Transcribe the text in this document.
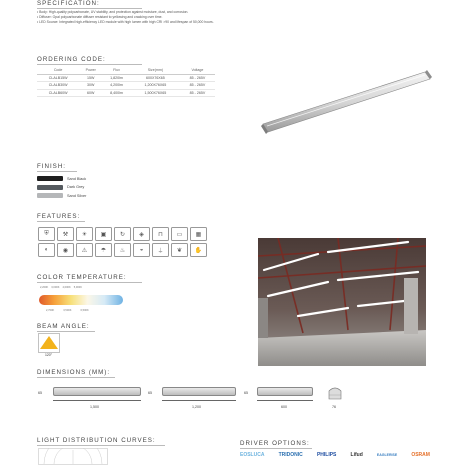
SPECIFICATION:
• Body: High-quality polycarbonate, UV stability, and protection against moisture, dust, and corrosion.
• Diffuser: Opal polycarbonate diffuser resistant to yellowing and cracking over time.
• LED Source: Integrated high-efficiency LED module with high lumen with high CRI >90 and lifespan of 50,000 hours.
ORDERING CODE:
Code	Power	Flux	Size(mm)	Voltage
CLALB15W	15W	1,820lm	600X76X65	85 - 265V
CLALB30W	30W	4,200lm	1,200X76X65	85 - 265V
CLALB60W	60W	8,400lm	1,500X76X65	85 - 265V
FINISH:
Sand Black
Dark Grey
Sand Silver
FEATURES:
⛨	⚒	☀	▣	↻	◈	⊓	▭	▦
◐	◉	⚠	☂	♨	◒	⏚	❦	✋
COLOR TEMPERATURE:
2,200K 3,000K 4,000K 5,000K
2,700K	3,500K	6,500K
BEAM ANGLE:
120°
DIMENSIONS (MM):
65
1,500
65
1,200
65
600	76
LIGHT DISTRIBUTION CURVES:	DRIVER OPTIONS:
EOSLUCA	TRIDONIC	PHILIPS	Lifud	EAGLERISE	OSRAM
